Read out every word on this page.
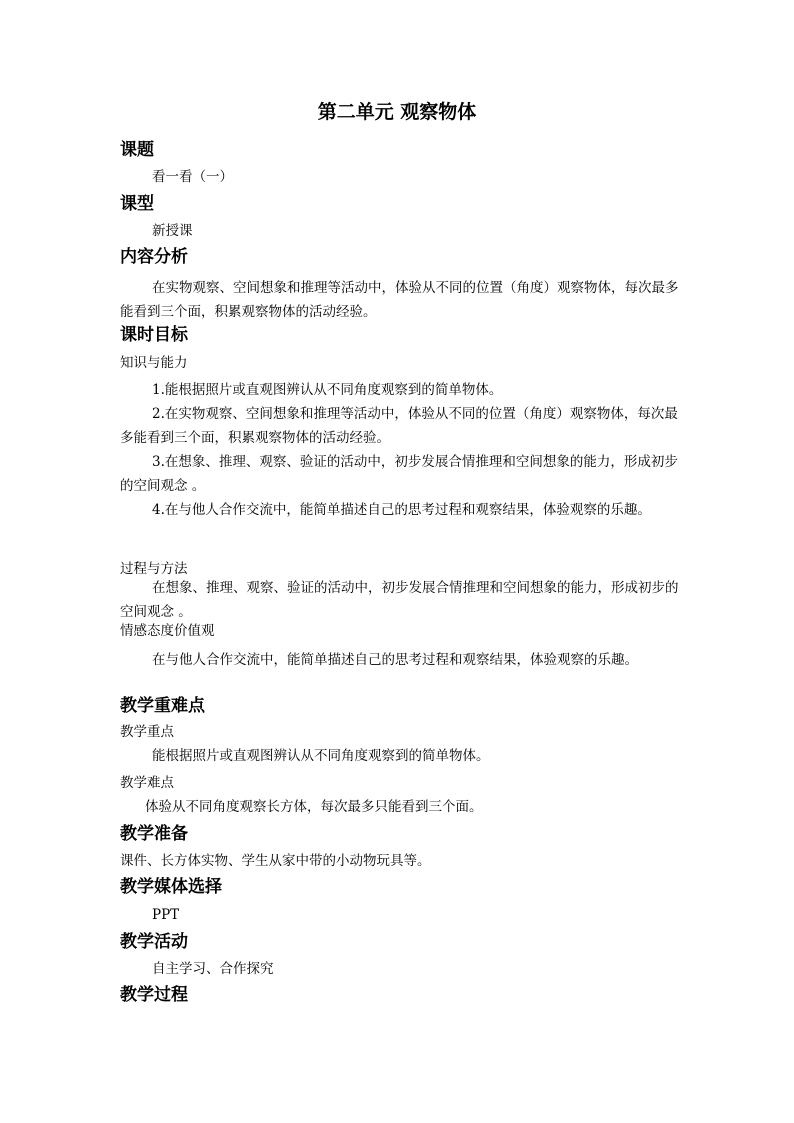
第二单元 观察物体
课题
看一看（一）
课型
新授课
内容分析
在实物观察、空间想象和推理等活动中，体验从不同的位置（角度）观察物体，每次最多能看到三个面，积累观察物体的活动经验。
课时目标
知识与能力
1.能根据照片或直观图辨认从不同角度观察到的简单物体。
2.在实物观察、空间想象和推理等活动中，体验从不同的位置（角度）观察物体，每次最多能看到三个面，积累观察物体的活动经验。
3.在想象、推理、观察、验证的活动中，初步发展合情推理和空间想象的能力，形成初步的空间观念 。
4.在与他人合作交流中，能简单描述自己的思考过程和观察结果，体验观察的乐趣。
过程与方法
在想象、推理、观察、验证的活动中，初步发展合情推理和空间想象的能力，形成初步的空间观念 。
情感态度价值观
在与他人合作交流中，能简单描述自己的思考过程和观察结果，体验观察的乐趣。
教学重难点
教学重点
能根据照片或直观图辨认从不同角度观察到的简单物体。
教学难点
体验从不同角度观察长方体，每次最多只能看到三个面。
教学准备
课件、长方体实物、学生从家中带的小动物玩具等。
教学媒体选择
PPT
教学活动
自主学习、合作探究
教学过程
